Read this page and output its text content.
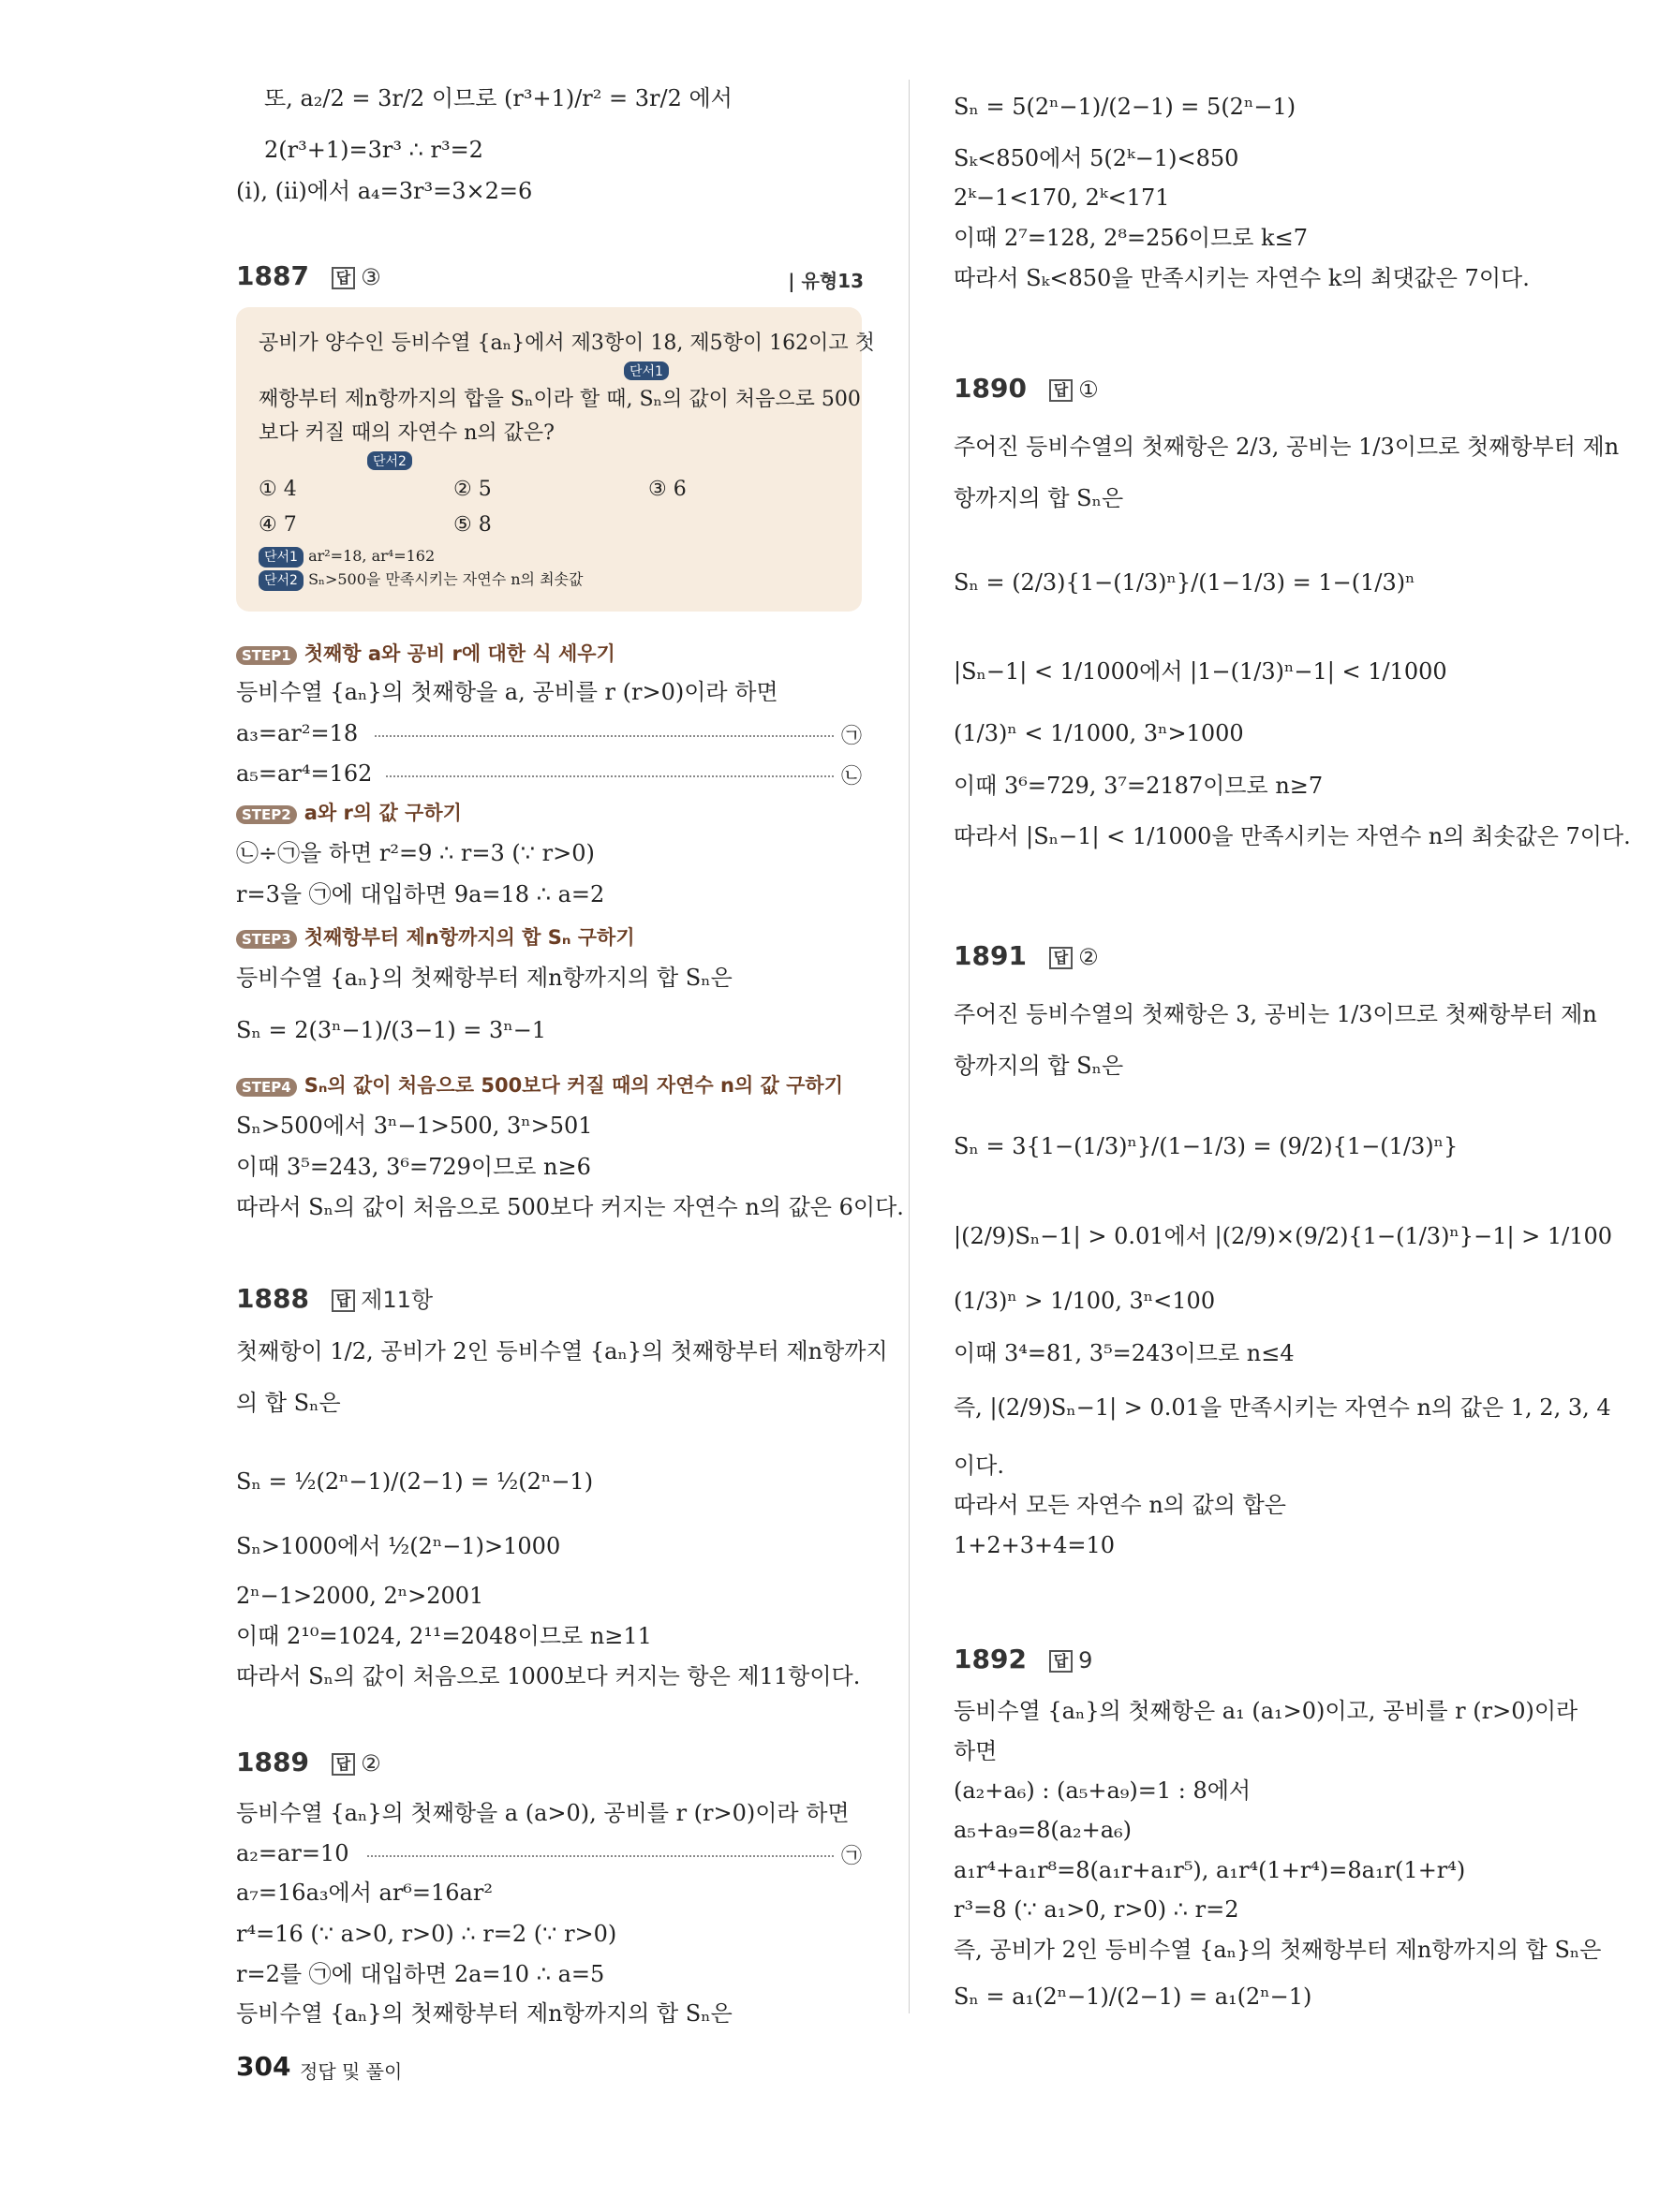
또, a₂/2 = 3r/2 이므로 (r³+1)/r² = 3r/2 에서
2(r³+1)=3r³ ∴ r³=2
(i), (ii)에서 a₄=3r³=3×2=6
1887 답 ③	| 유형13
공비가 양수인 등비수열 {aₙ}에서 제3항이 18, 제5항이 162이고 첫
단서1
째항부터 제n항까지의 합을 Sₙ이라 할 때, Sₙ의 값이 처음으로 500
보다 커질 때의 자연수 n의 값은?
단서2
① 4	② 5	③ 6
④ 7	⑤ 8
단서1 ar²=18, ar⁴=162
단서2 Sₙ>500을 만족시키는 자연수 n의 최솟값
STEP1 첫째항 a와 공비 r에 대한 식 세우기
등비수열 {aₙ}의 첫째항을 a, 공비를 r (r>0)이라 하면
a₃=ar²=18	㉠
a₅=ar⁴=162	㉡
STEP2 a와 r의 값 구하기
㉡÷㉠을 하면 r²=9 ∴ r=3 (∵ r>0)
r=3을 ㉠에 대입하면 9a=18 ∴ a=2
STEP3 첫째항부터 제n항까지의 합 Sₙ 구하기
등비수열 {aₙ}의 첫째항부터 제n항까지의 합 Sₙ은
Sₙ = 2(3ⁿ−1)/(3−1) = 3ⁿ−1
STEP4 Sₙ의 값이 처음으로 500보다 커질 때의 자연수 n의 값 구하기
Sₙ>500에서 3ⁿ−1>500, 3ⁿ>501
이때 3⁵=243, 3⁶=729이므로 n≥6
따라서 Sₙ의 값이 처음으로 500보다 커지는 자연수 n의 값은 6이다.
1888 답 제11항
첫째항이 1/2, 공비가 2인 등비수열 {aₙ}의 첫째항부터 제n항까지
의 합 Sₙ은
Sₙ = ½(2ⁿ−1)/(2−1) = ½(2ⁿ−1)
Sₙ>1000에서 ½(2ⁿ−1)>1000
2ⁿ−1>2000, 2ⁿ>2001
이때 2¹⁰=1024, 2¹¹=2048이므로 n≥11
따라서 Sₙ의 값이 처음으로 1000보다 커지는 항은 제11항이다.
1889 답 ②
등비수열 {aₙ}의 첫째항을 a (a>0), 공비를 r (r>0)이라 하면
a₂=ar=10	㉠
a₇=16a₃에서 ar⁶=16ar²
r⁴=16 (∵ a>0, r>0) ∴ r=2 (∵ r>0)
r=2를 ㉠에 대입하면 2a=10 ∴ a=5
등비수열 {aₙ}의 첫째항부터 제n항까지의 합 Sₙ은
Sₙ = 5(2ⁿ−1)/(2−1) = 5(2ⁿ−1)
Sₖ<850에서 5(2ᵏ−1)<850
2ᵏ−1<170, 2ᵏ<171
이때 2⁷=128, 2⁸=256이므로 k≤7
따라서 Sₖ<850을 만족시키는 자연수 k의 최댓값은 7이다.
1890 답 ①
주어진 등비수열의 첫째항은 2/3, 공비는 1/3이므로 첫째항부터 제n
항까지의 합 Sₙ은
Sₙ = (2/3){1−(1/3)ⁿ}/(1−1/3) = 1−(1/3)ⁿ
|Sₙ−1| < 1/1000에서 |1−(1/3)ⁿ−1| < 1/1000
(1/3)ⁿ < 1/1000, 3ⁿ>1000
이때 3⁶=729, 3⁷=2187이므로 n≥7
따라서 |Sₙ−1| < 1/1000을 만족시키는 자연수 n의 최솟값은 7이다.
1891 답 ②
주어진 등비수열의 첫째항은 3, 공비는 1/3이므로 첫째항부터 제n
항까지의 합 Sₙ은
Sₙ = 3{1−(1/3)ⁿ}/(1−1/3) = (9/2){1−(1/3)ⁿ}
|(2/9)Sₙ−1| > 0.01에서 |(2/9)×(9/2){1−(1/3)ⁿ}−1| > 1/100
(1/3)ⁿ > 1/100, 3ⁿ<100
이때 3⁴=81, 3⁵=243이므로 n≤4
즉, |(2/9)Sₙ−1| > 0.01을 만족시키는 자연수 n의 값은 1, 2, 3, 4
이다.
따라서 모든 자연수 n의 값의 합은
1+2+3+4=10
1892 답 9
등비수열 {aₙ}의 첫째항은 a₁ (a₁>0)이고, 공비를 r (r>0)이라
하면
(a₂+a₆) : (a₅+a₉)=1 : 8에서
a₅+a₉=8(a₂+a₆)
a₁r⁴+a₁r⁸=8(a₁r+a₁r⁵), a₁r⁴(1+r⁴)=8a₁r(1+r⁴)
r³=8 (∵ a₁>0, r>0) ∴ r=2
즉, 공비가 2인 등비수열 {aₙ}의 첫째항부터 제n항까지의 합 Sₙ은
Sₙ = a₁(2ⁿ−1)/(2−1) = a₁(2ⁿ−1)
304 정답 및 풀이
